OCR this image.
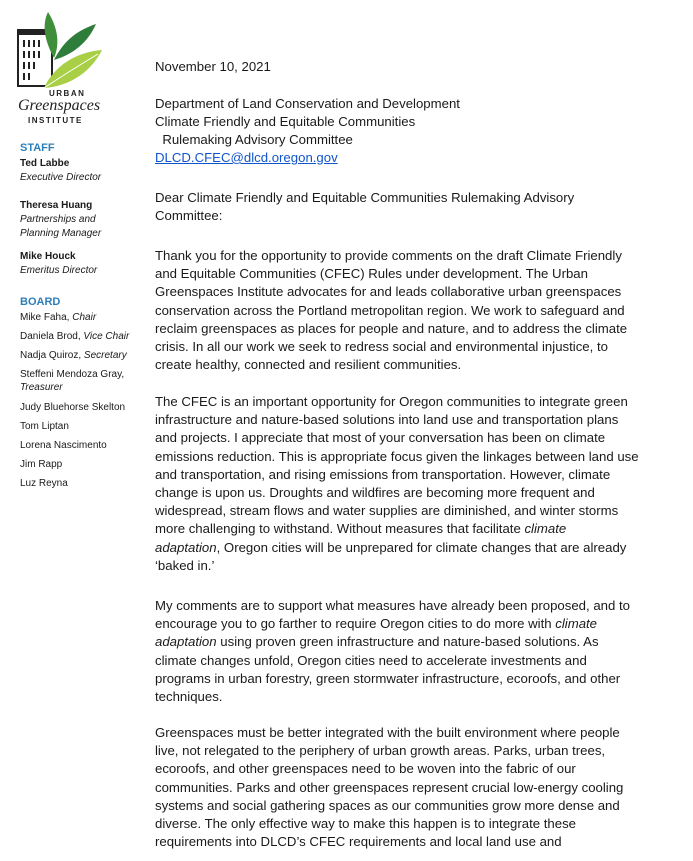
URBAN
Greenspaces
INSTITUTE
STAFF
Ted Labbe
Executive Director
Theresa Huang
Partnerships and
Planning Manager
Mike Houck
Emeritus Director
BOARD
Mike Faha, Chair
Daniela Brod, Vice Chair
Nadja Quiroz, Secretary
Steffeni Mendoza Gray,
Treasurer
Judy Bluehorse Skelton
Tom Liptan
Lorena Nascimento
Jim Rapp
Luz Reyna
November 10, 2021
Department of Land Conservation and Development
Climate Friendly and Equitable Communities
Rulemaking Advisory Committee
DLCD.CFEC@dlcd.oregon.gov
Dear Climate Friendly and Equitable Communities Rulemaking Advisory
Committee:

Thank you for the opportunity to provide comments on the draft Climate Friendly

and Equitable Communities (CFEC) Rules under development. The Urban

Greenspaces Institute advocates for and leads collaborative urban greenspaces

conservation across the Portland metropolitan region. We work to safeguard and

reclaim greenspaces as places for people and nature, and to address the climate

crisis. In all our work we seek to redress social and environmental injustice, to

create healthy, connected and resilient communities.

The CFEC is an important opportunity for Oregon communities to integrate green

infrastructure and nature-based solutions into land use and transportation plans

and projects. I appreciate that most of your conversation has been on climate

emissions reduction. This is appropriate focus given the linkages between land use

and transportation, and rising emissions from transportation. However, climate

change is upon us. Droughts and wildfires are becoming more frequent and

widespread, stream flows and water supplies are diminished, and winter storms

more challenging to withstand. Without measures that facilitate climate

adaptation, Oregon cities will be unprepared for climate changes that are already

‘baked in.’

My comments are to support what measures have already been proposed, and to

encourage you to go farther to require Oregon cities to do more with climate

adaptation using proven green infrastructure and nature-based solutions. As

climate changes unfold, Oregon cities need to accelerate investments and

programs in urban forestry, green stormwater infrastructure, ecoroofs, and other

techniques.

Greenspaces must be better integrated with the built environment where people

live, not relegated to the periphery of urban growth areas. Parks, urban trees,

ecoroofs, and other greenspaces need to be woven into the fabric of our

communities. Parks and other greenspaces represent crucial low-energy cooling

systems and social gathering spaces as our communities grow more dense and

diverse. The only effective way to make this happen is to integrate these

requirements into DLCD’s CFEC requirements and local land use and
